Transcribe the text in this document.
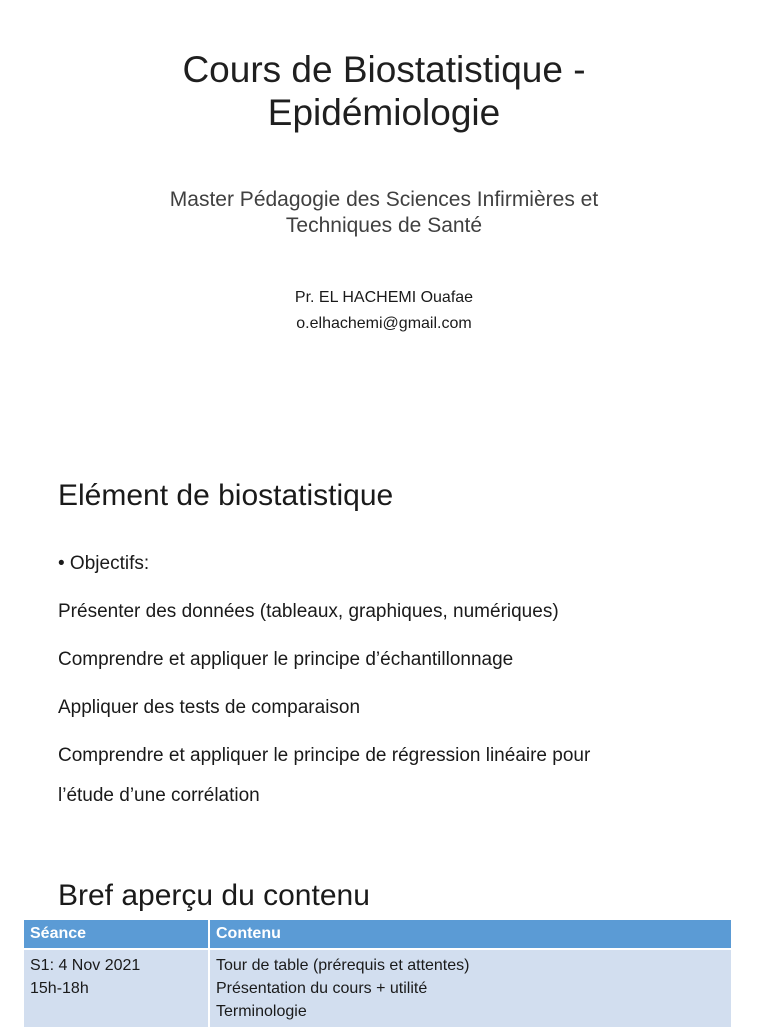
Cours de Biostatistique -
Epidémiologie
Master Pédagogie des Sciences Infirmières et
Techniques de Santé
Pr. EL HACHEMI Ouafae
o.elhachemi@gmail.com
Elément de biostatistique
• Objectifs:
Présenter des données (tableaux, graphiques, numériques)
Comprendre et appliquer le principe d’échantillonnage
Appliquer des tests de comparaison
Comprendre et appliquer le principe de régression linéaire pour
l’étude d’une corrélation
Bref aperçu du contenu
Séance	Contenu

S1: 4 Nov 2021
15h-18h	Tour de table (prérequis et attentes)
Présentation du cours + utilité
Terminologie
